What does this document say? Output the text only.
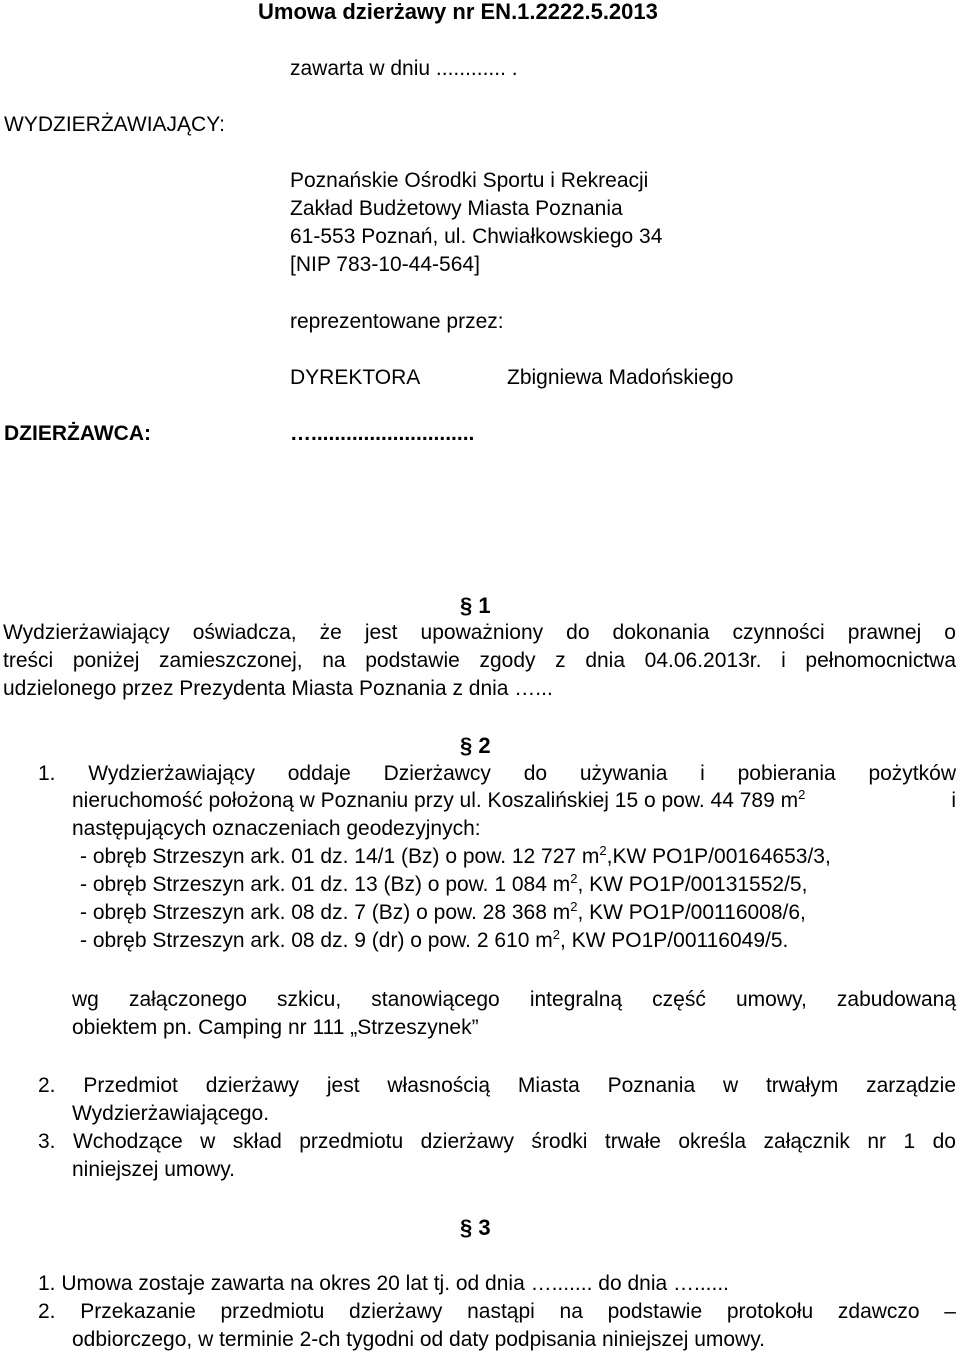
Umowa dzierżawy nr EN.1.2222.5.2013
zawarta w dniu ............ .
WYDZIERŻAWIAJĄCY:
Poznańskie Ośrodki Sportu i Rekreacji
Zakład Budżetowy Miasta Poznania
61-553 Poznań, ul. Chwiałkowskiego 34
[NIP 783-10-44-564]
reprezentowane przez:
DYREKTORA	Zbigniewa Madońskiego
DZIERŻAWCA:	…............................
§ 1
Wydzierżawiający oświadcza, że jest upoważniony do dokonania czynności prawnej o
treści poniżej zamieszczonej, na podstawie zgody z dnia 04.06.2013r. i pełnomocnictwa
udzielonego przez Prezydenta Miasta Poznania z dnia …...
§ 2
1. Wydzierżawiający oddaje Dzierżawcy do używania i pobierania pożytków
nieruchomość położoną w Poznaniu przy ul. Koszalińskiej 15 o pow. 44 789 $m^2$	i
następujących oznaczeniach geodezyjnych:
- obręb Strzeszyn ark. 01 dz. 14/1 (Bz) o pow. 12 727 $m^2,KW$ PO1P/00164653/3,
- obręb Strzeszyn ark. 01 dz. 13 (Bz) o pow. 1 084 $m^2$, KW PO1P/00131552/5,
- obręb Strzeszyn ark. 08 dz. 7 (Bz) o pow. 28 368 $m^2$, KW PO1P/00116008/6,
- obręb Strzeszyn ark. 08 dz. 9 (dr) o pow. 2 610 $m^2$, KW PO1P/00116049/5.
wg załączonego szkicu, stanowiącego integralną część umowy, zabudowaną
obiektem pn. Camping nr 111 „Strzeszynek”
2. Przedmiot dzierżawy jest własnością Miasta Poznania w trwałym zarządzie
Wydzierżawiającego.
3. Wchodzące w skład przedmiotu dzierżawy środki trwałe określa załącznik nr 1 do
niniejszej umowy.
§ 3
1. Umowa zostaje zawarta na okres 20 lat tj. od dnia …....... do dnia …......
2. Przekazanie przedmiotu dzierżawy nastąpi na podstawie protokołu zdawczo –
odbiorczego, w terminie 2-ch tygodni od daty podpisania niniejszej umowy.
